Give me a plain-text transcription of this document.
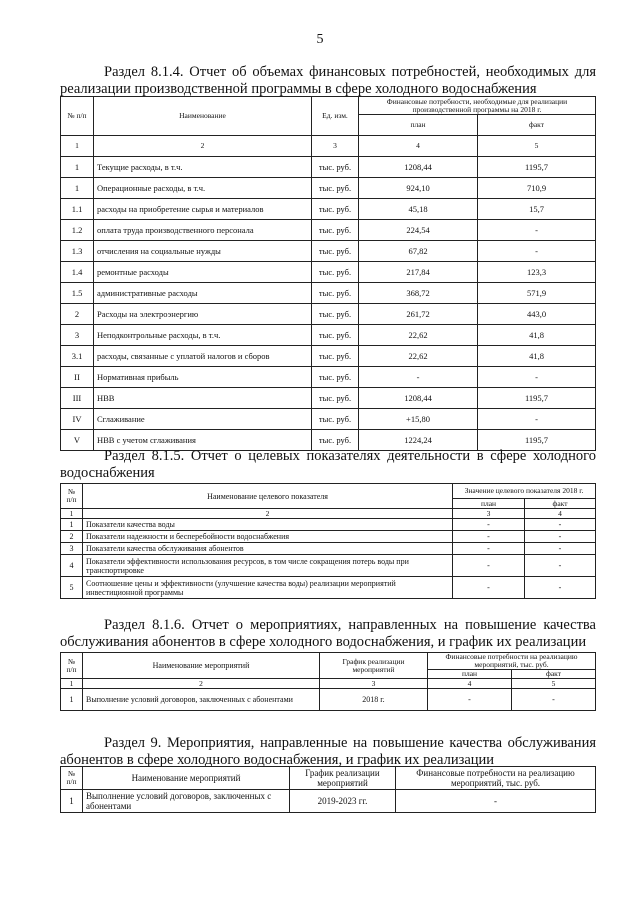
5
Раздел 8.1.4. Отчет об объемах финансовых потребностей, необходимых для реализации производственной программы в сфере холодного водоснабжения
№ п/п	Наименование	Ед. изм.	Финансовые потребности, необходимые для реализации производственной программы на 2018 г.	
			план	факт
1	2	3	4	5
1	Текущие расходы, в т.ч.	тыс. руб.	1208,44	1195,7
1	Операционные расходы, в т.ч.	тыс. руб.	924,10	710,9
1.1	расходы на приобретение сырья и материалов	тыс. руб.	45,18	15,7
1.2	оплата труда производственного персонала	тыс. руб.	224,54	-
1.3	отчисления на социальные нужды	тыс. руб.	67,82	-
1.4	ремонтные расходы	тыс. руб.	217,84	123,3
1.5	административные расходы	тыс. руб.	368,72	571,9
2	Расходы на электроэнергию	тыс. руб.	261,72	443,0
3	Неподконтрольные расходы, в т.ч.	тыс. руб.	22,62	41,8
3.1	расходы, связанные с уплатой налогов и сборов	тыс. руб.	22,62	41,8
II	Нормативная прибыль	тыс. руб.	-	-
III	НВВ	тыс. руб.	1208,44	1195,7
IV	Сглаживание	тыс. руб.	+15,80	-
V	НВВ с учетом сглаживания	тыс. руб.	1224,24	1195,7
Раздел 8.1.5. Отчет о целевых показателях деятельности в сфере холодного водоснабжения
№ п/п	Наименование целевого показателя	Значение целевого показателя 2018 г.	
		план	факт
1	2	3	4
1	Показатели качества воды	-	-
2	Показатели надежности и бесперебойности водоснабжения	-	-
3	Показатели качества обслуживания абонентов	-	-
4	Показатели эффективности использования ресурсов, в том числе сокращения потерь воды при транспортировке	-	-
5	Соотношение цены и эффективности (улучшение качества воды) реализации мероприятий инвестиционной программы	-	-
Раздел 8.1.6. Отчет о мероприятиях, направленных на повышение качества обслуживания абонентов в сфере холодного водоснабжения, и график их реализации
№ п/п	Наименование мероприятий	График реализации мероприятий	Финансовые потребности на реализацию мероприятий, тыс. руб.	
			план	факт
1	2	3	4	5
1	Выполнение условий договоров, заключенных с абонентами	2018 г.	-	-
Раздел 9. Мероприятия, направленные на повышение качества обслуживания абонентов в сфере холодного водоснабжения, и график их реализации
№ п/п	Наименование мероприятий	График реализации мероприятий	Финансовые потребности на реализацию мероприятий, тыс. руб.
1	Выполнение условий договоров, заключенных с абонентами	2019-2023 гг.	-
